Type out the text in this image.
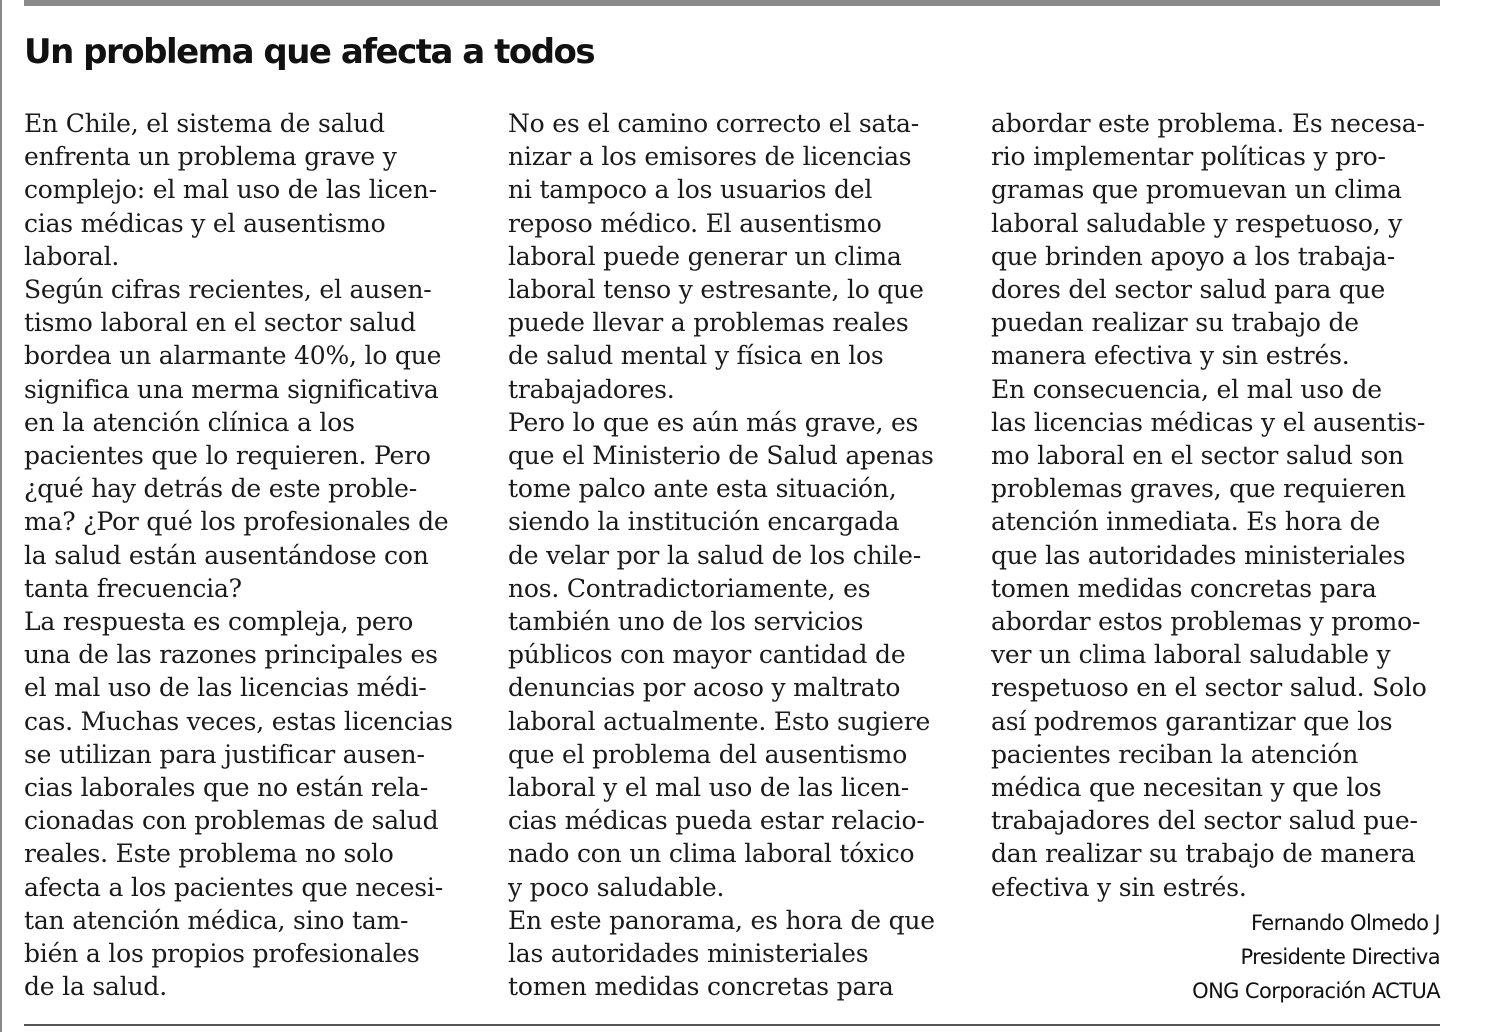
Un problema que afecta a todos
En Chile, el sistema de salud
enfrenta un problema grave y
complejo: el mal uso de las licen-
cias médicas y el ausentismo
laboral.
Según cifras recientes, el ausen-
tismo laboral en el sector salud
bordea un alarmante 40%, lo que
significa una merma significativa
en la atención clínica a los
pacientes que lo requieren. Pero
¿qué hay detrás de este proble-
ma? ¿Por qué los profesionales de
la salud están ausentándose con
tanta frecuencia?
La respuesta es compleja, pero
una de las razones principales es
el mal uso de las licencias médi-
cas. Muchas veces, estas licencias
se utilizan para justificar ausen-
cias laborales que no están rela-
cionadas con problemas de salud
reales. Este problema no solo
afecta a los pacientes que necesi-
tan atención médica, sino tam-
bién a los propios profesionales
de la salud.
No es el camino correcto el sata-
nizar a los emisores de licencias
ni tampoco a los usuarios del
reposo médico. El ausentismo
laboral puede generar un clima
laboral tenso y estresante, lo que
puede llevar a problemas reales
de salud mental y física en los
trabajadores.
Pero lo que es aún más grave, es
que el Ministerio de Salud apenas
tome palco ante esta situación,
siendo la institución encargada
de velar por la salud de los chile-
nos. Contradictoriamente, es
también uno de los servicios
públicos con mayor cantidad de
denuncias por acoso y maltrato
laboral actualmente. Esto sugiere
que el problema del ausentismo
laboral y el mal uso de las licen-
cias médicas pueda estar relacio-
nado con un clima laboral tóxico
y poco saludable.
En este panorama, es hora de que
las autoridades ministeriales
tomen medidas concretas para
abordar este problema. Es necesa-
rio implementar políticas y pro-
gramas que promuevan un clima
laboral saludable y respetuoso, y
que brinden apoyo a los trabaja-
dores del sector salud para que
puedan realizar su trabajo de
manera efectiva y sin estrés.
En consecuencia, el mal uso de
las licencias médicas y el ausentis-
mo laboral en el sector salud son
problemas graves, que requieren
atención inmediata. Es hora de
que las autoridades ministeriales
tomen medidas concretas para
abordar estos problemas y promo-
ver un clima laboral saludable y
respetuoso en el sector salud. Solo
así podremos garantizar que los
pacientes reciban la atención
médica que necesitan y que los
trabajadores del sector salud pue-
dan realizar su trabajo de manera
efectiva y sin estrés.
Fernando Olmedo J
Presidente Directiva
ONG Corporación ACTUA
